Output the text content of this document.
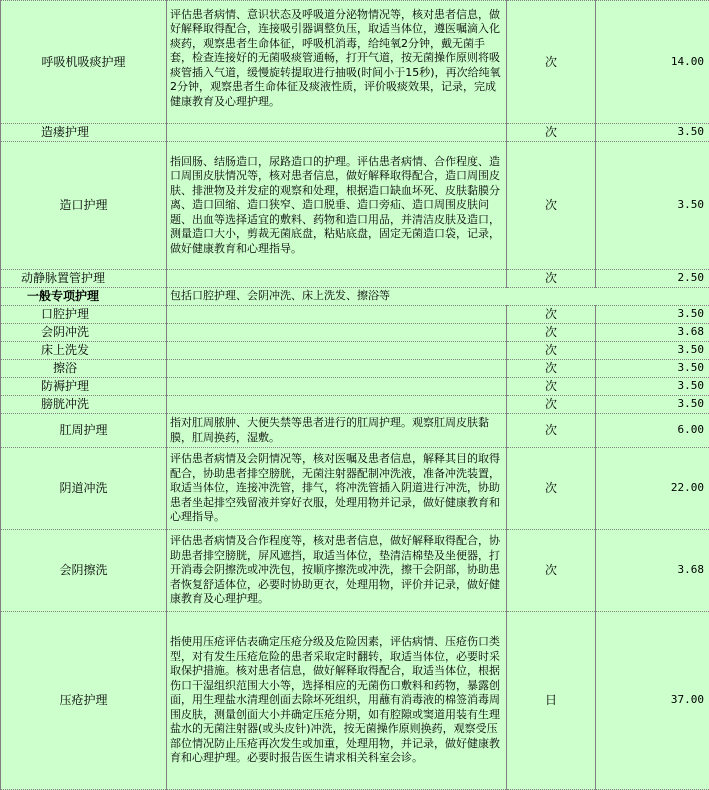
呼吸机吸痰护理	评估患者病情、意识状态及呼吸道分泌物情况等，核对患者信息，做好解释取得配合，连接吸引器调整负压，取适当体位，遵医嘱滴入化痰药，观察患者生命体征，呼吸机消毒，给纯氧2分钟，戴无菌手套，检查连接好的无菌吸痰管通畅，打开气道，按无菌操作原则将吸痰管插入气道，缓慢旋转提取进行抽吸(时间小于15秒)，再次给纯氧2分钟，观察患者生命体征及痰液性质，评价吸痰效果，记录，完成健康教育及心理护理。	次	14.00
造瘘护理		次	3.50
造口护理	指回肠、结肠造口，尿路造口的护理。评估患者病情、合作程度、造口周围皮肤情况等，核对患者信息，做好解释取得配合，造口周围皮肤、排泄物及并发症的观察和处理，根据造口缺血坏死、皮肤黏膜分离、造口回缩、造口狭窄、造口脱垂、造口旁疝、造口周围皮肤问题、出血等选择适宜的敷料、药物和造口用品，并清洁皮肤及造口，测量造口大小，剪裁无菌底盘，粘贴底盘，固定无菌造口袋，记录，做好健康教育和心理指导。	次	3.50
动静脉置管护理		次	2.50
一般专项护理	包括口腔护理、会阴冲洗、床上洗发、擦浴等		
口腔护理		次	3.50
会阴冲洗		次	3.68
床上洗发		次	3.50
擦浴		次	3.50
防褥护理		次	3.50
膀胱冲洗		次	3.50
肛周护理	指对肛周脓肿、大便失禁等患者进行的肛周护理。观察肛周皮肤黏膜，肛周换药，湿敷。	次	6.00
阴道冲洗	评估患者病情及会阴情况等，核对医嘱及患者信息，解释其目的取得配合，协助患者排空膀胱，无菌注射器配制冲洗液，准备冲洗装置，取适当体位，连接冲洗管，排气，将冲洗管插入阴道进行冲洗，协助患者坐起排空残留液并穿好衣服，处理用物并记录，做好健康教育和心理指导。	次	22.00
会阴擦洗	评估患者病情及合作程度等，核对患者信息，做好解释取得配合，协助患者排空膀胱，屏风遮挡，取适当体位，垫清洁棉垫及坐便器，打开消毒会阴擦洗或冲洗包，按顺序擦洗或冲洗，擦干会阴部，协助患者恢复舒适体位，必要时协助更衣，处理用物，评价并记录，做好健康教育及心理护理。	次	3.68
压疮护理	指使用压疮评估表确定压疮分级及危险因素，评估病情、压疮伤口类型，对有发生压疮危险的患者采取定时翻转，取适当体位，必要时采取保护措施。核对患者信息，做好解释取得配合，取适当体位，根据伤口干湿组织范围大小等，选择相应的无菌伤口敷料和药物，暴露创面，用生理盐水清理创面去除坏死组织，用蘸有消毒液的棉签消毒周围皮肤，测量创面大小并确定压疮分期，如有腔隙或窦道用装有生理盐水的无菌注射器(或头皮针)冲洗，按无菌操作原则换药，观察受压部位情况防止压疮再次发生或加重，处理用物，并记录，做好健康教育和心理护理。必要时报告医生请求相关科室会诊。	日	37.00
